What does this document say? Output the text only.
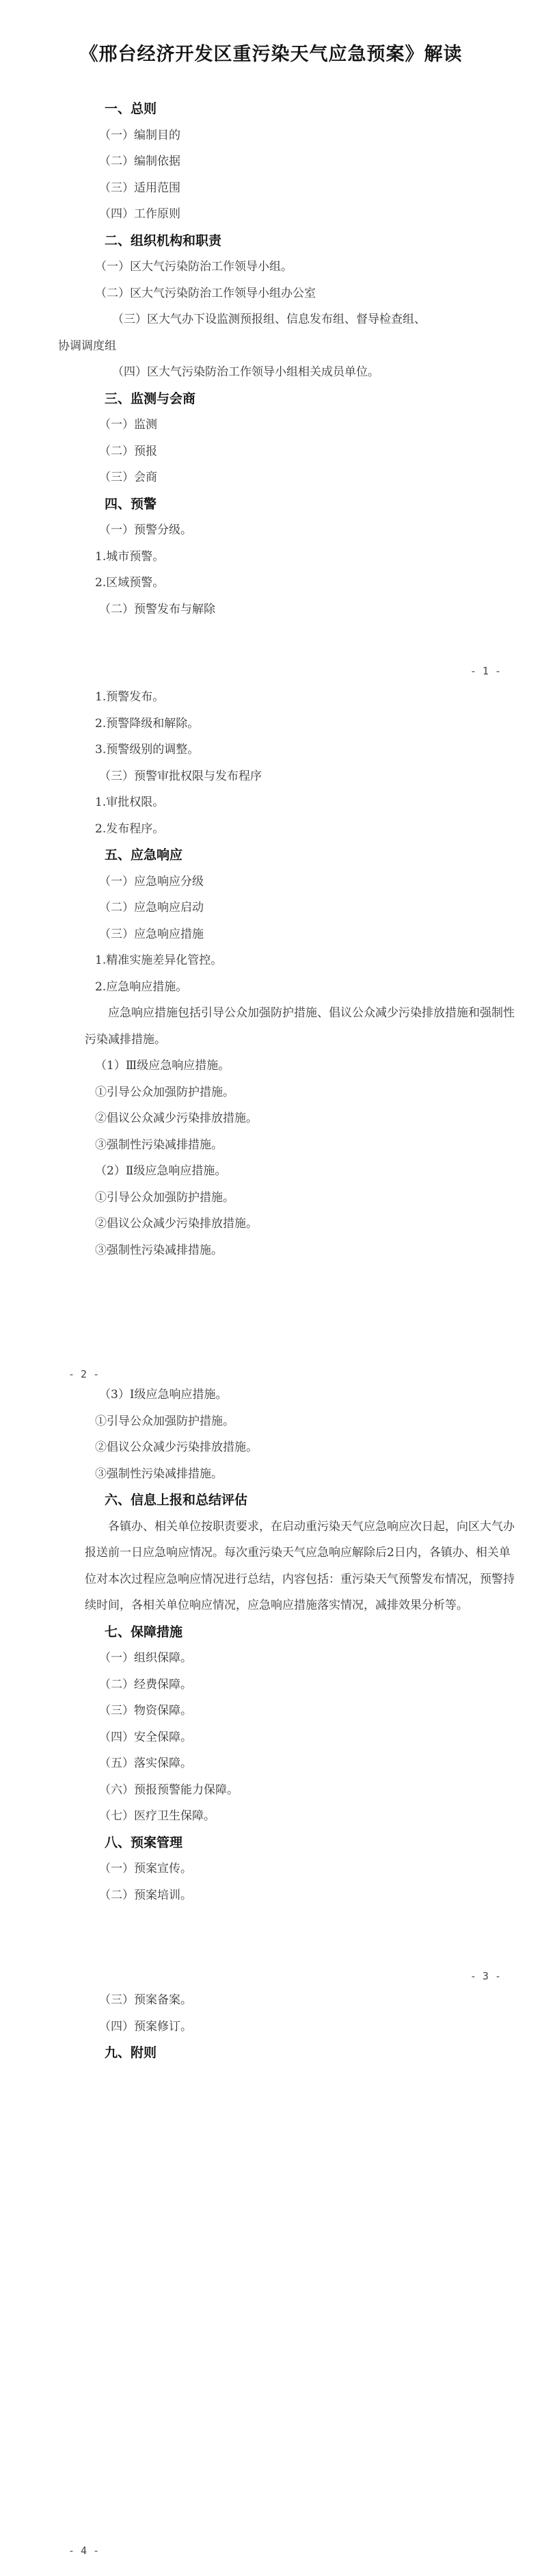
《邢台经济开发区重污染天气应急预案》解读
一、总则
（一）编制目的
（二）编制依据
（三）适用范围
（四）工作原则
二、组织机构和职责
（一）区大气污染防治工作领导小组。
（二）区大气污染防治工作领导小组办公室
（三）区大气办下设监测预报组、信息发布组、督导检查组、
协调调度组
（四）区大气污染防治工作领导小组相关成员单位。
三、监测与会商
（一）监测
（二）预报
（三）会商
四、预警
（一）预警分级。
1.城市预警。
2.区域预警。
（二）预警发布与解除
- 1 -
1.预警发布。
2.预警降级和解除。
3.预警级别的调整。
（三）预警审批权限与发布程序
1.审批权限。
2.发布程序。
五、应急响应
（一）应急响应分级
（二）应急响应启动
（三）应急响应措施
1.精准实施差异化管控。
2.应急响应措施。

应急响应措施包括引导公众加强防护措施、倡议公众减少污染排放措施和强制性污染减排措施。

（1）Ⅲ级应急响应措施。
①引导公众加强防护措施。
②倡议公众减少污染排放措施。
③强制性污染减排措施。
（2）Ⅱ级应急响应措施。
①引导公众加强防护措施。
②倡议公众减少污染排放措施。
③强制性污染减排措施。
- 2 -
（3）Ⅰ级应急响应措施。
①引导公众加强防护措施。
②倡议公众减少污染排放措施。
③强制性污染减排措施。
六、信息上报和总结评估

各镇办、相关单位按职责要求，在启动重污染天气应急响应次日起，向区大气办报送前一日应急响应情况。每次重污染天气应急响应解除后2日内，各镇办、相关单位对本次过程应急响应情况进行总结，内容包括：重污染天气预警发布情况，预警持续时间，各相关单位响应情况，应急响应措施落实情况，减排效果分析等。

七、保障措施
（一）组织保障。
（二）经费保障。
（三）物资保障。
（四）安全保障。
（五）落实保障。
（六）预报预警能力保障。
（七）医疗卫生保障。
八、预案管理
（一）预案宣传。
（二）预案培训。
- 3 -
（三）预案备案。
（四）预案修订。
九、附则
- 4 -
